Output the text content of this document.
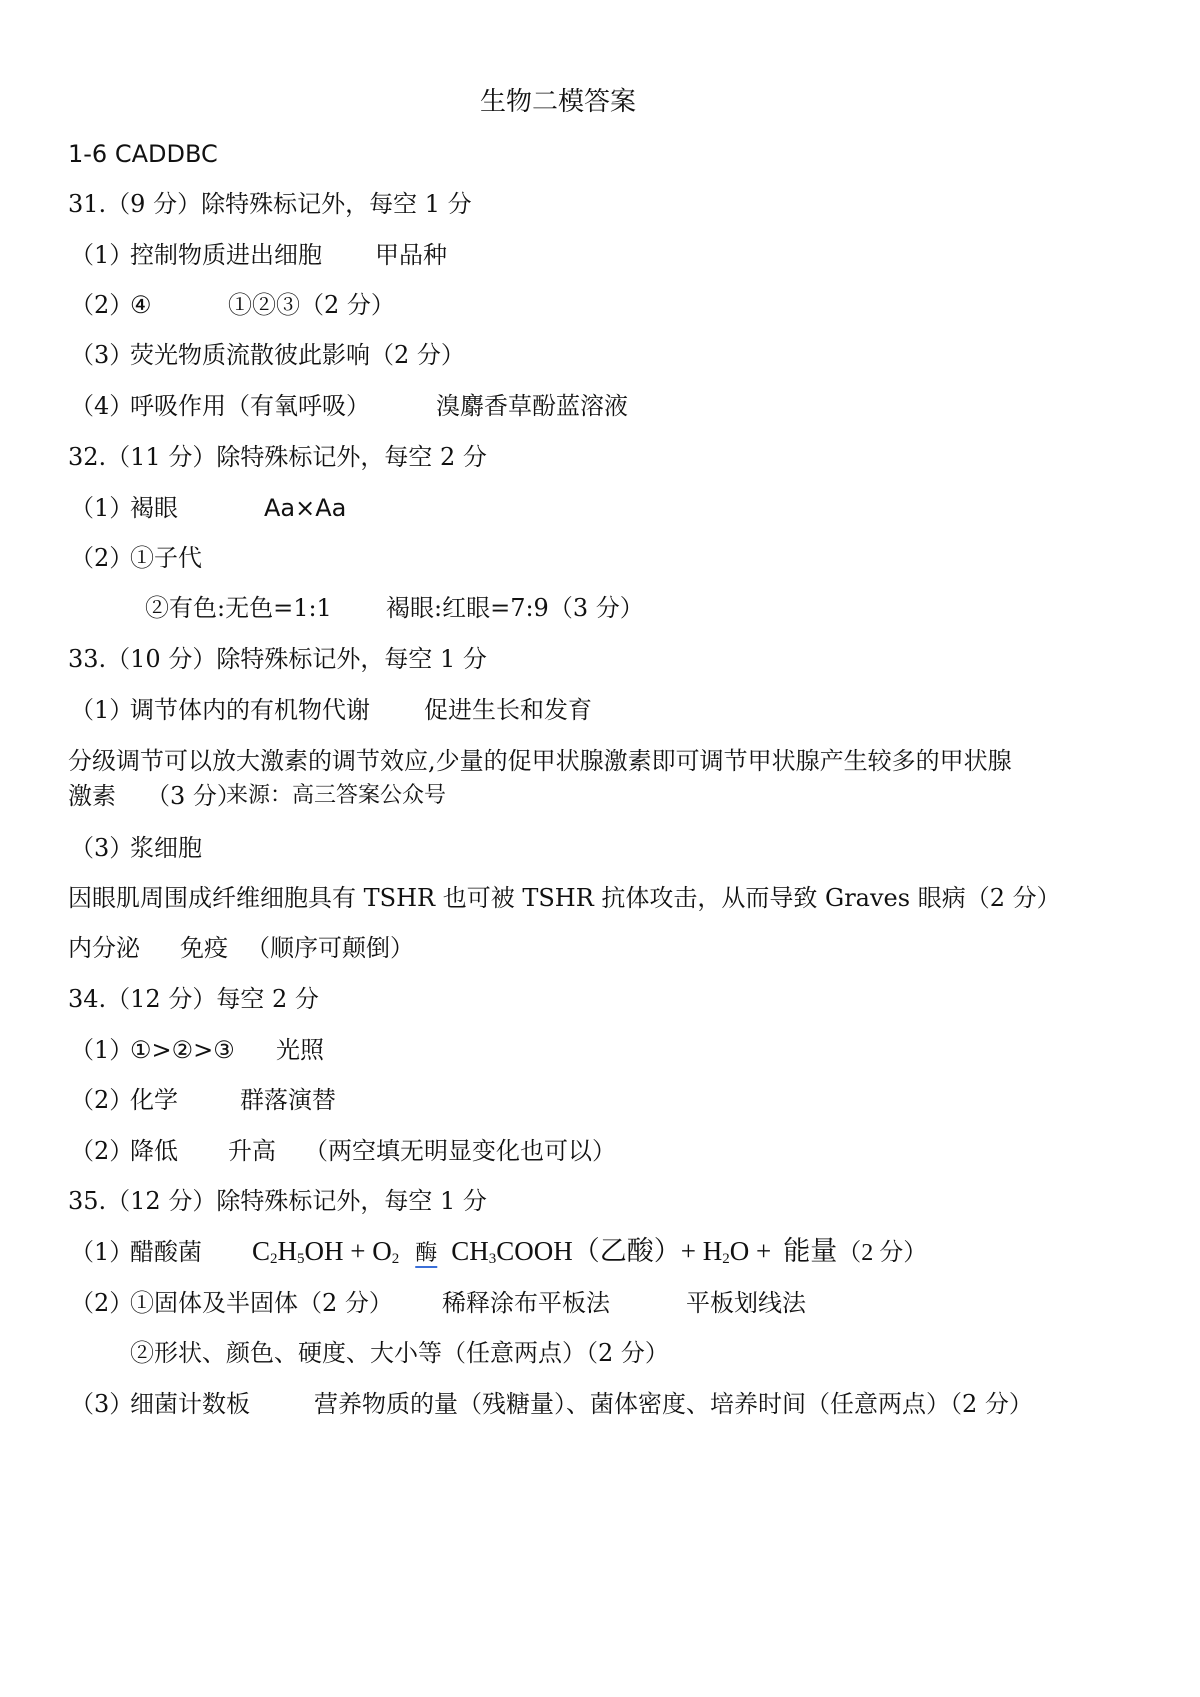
生物二模答案
1-6 CADDBC
31.（9 分）除特殊标记外，每空 1 分
（1）
控制物质进出细胞 甲品种
（2）
④	①②③（2 分）
（3）
荧光物质流散彼此影响（2 分）
（4）
呼吸作用（有氧呼吸）	溴麝香草酚蓝溶液
32.（11 分）除特殊标记外，每空 2 分
（1）
褐眼	Aa×Aa
（2）
①子代
②有色:无色=1:1 褐眼:红眼=7:9（3 分）
33.（10 分）除特殊标记外，每空 1 分
（1）
调节体内的有机物代谢 促进生长和发育
分级调节可以放大激素的调节效应,少量的促甲状腺激素即可调节甲状腺产生较多的甲状腺
激素 （3 分）
来源：高三答案公众号
（3）
浆细胞
因眼肌周围成纤维细胞具有 TSHR 也可被 TSHR 抗体攻击，从而导致 Graves 眼病（2 分）
内分泌 免疫 （顺序可颠倒）
34.（12 分）每空 2 分
（1）
①>②>③ 光照
（2）
化学	群落演替
（2）
降低 升高 （两空填无明显变化也可以）
35.（12 分）除特殊标记外，每空 1 分
（1）
醋酸菌 $C_2H_5OH + O_2$ 酶 $CH_3COOH$（乙酸）+ $H_2O$ + 能量（2 分）
（2）
①固体及半固体（2 分） 稀释涂布平板法	平板划线法
②形状、颜色、硬度、大小等（任意两点）（2 分）
（3）
细菌计数板	营养物质的量（残糖量）、菌体密度、培养时间（任意两点）（2 分）
